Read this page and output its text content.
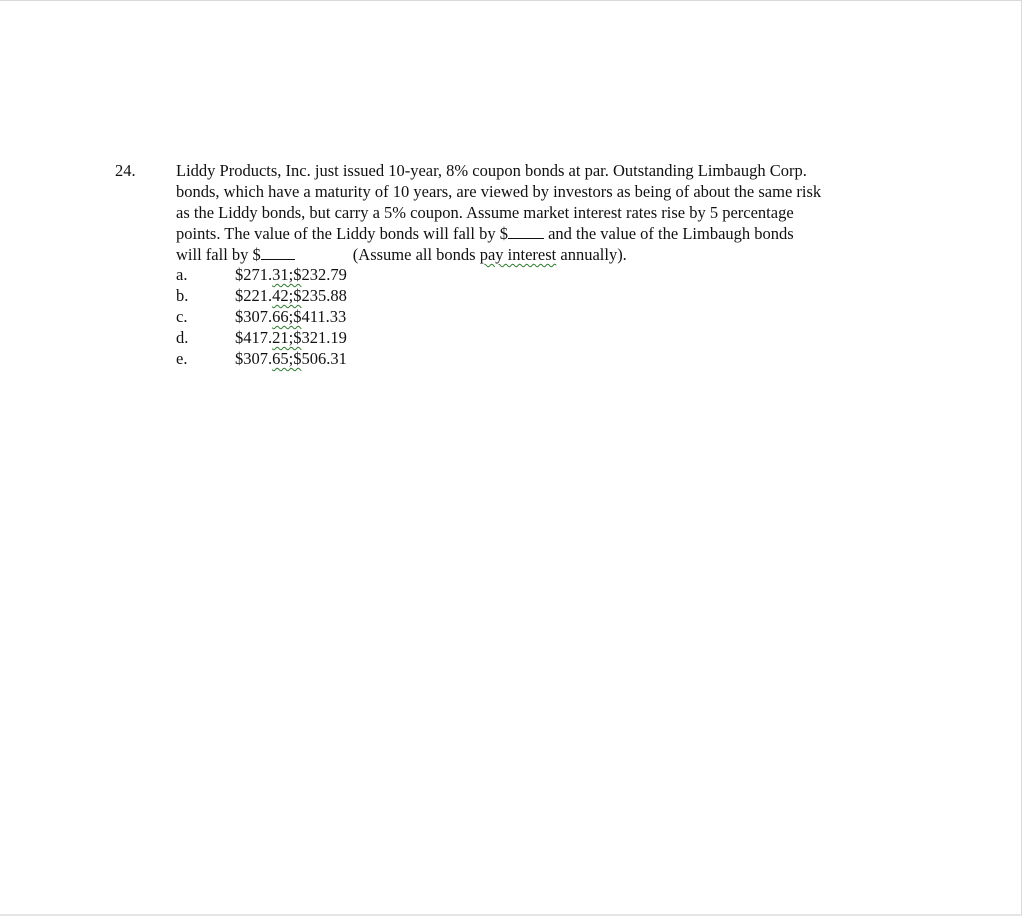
24. Liddy Products, Inc. just issued 10-year, 8% coupon bonds at par. Outstanding Limbaugh Corp.
bonds, which have a maturity of 10 years, are viewed by investors as being of about the same risk
as the Liddy bonds, but carry a 5% coupon. Assume market interest rates rise by 5 percentage
points. The value of the Liddy bonds will fall by $ and the value of the Limbaugh bonds
will fall by $	(Assume all bonds pay interest annually).
a.	$271.31;$232.79
b.	$221.42;$235.88
c.	$307.66;$411.33
d.	$417.21;$321.19
e.	$307.65;$506.31
